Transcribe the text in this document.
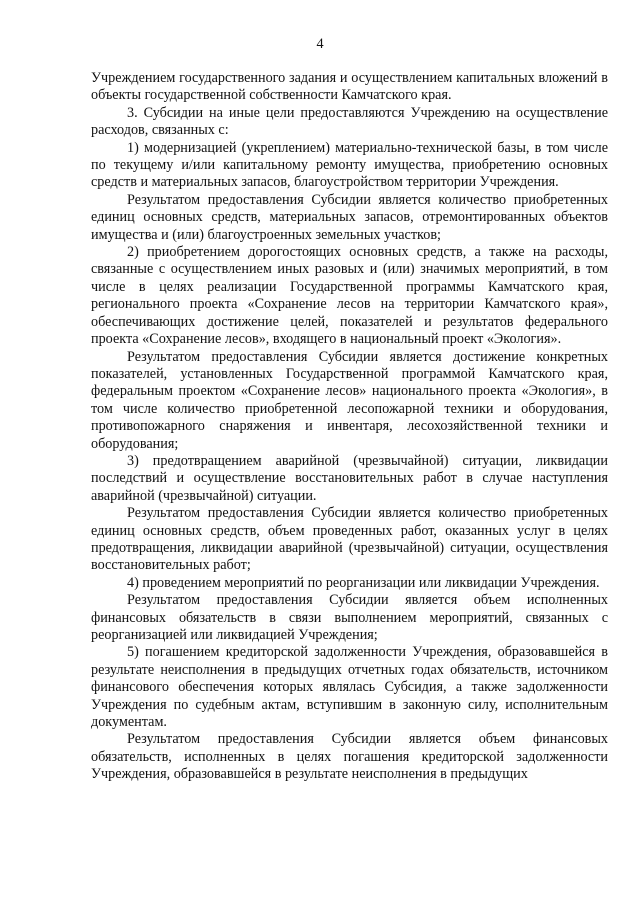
4

Учреждением государственного задания и осуществлением капитальных вложений в объекты государственной собственности Камчатского края.

3. Субсидии на иные цели предоставляются Учреждению на осуществление расходов, связанных с:

1) модернизацией (укреплением) материально-технической базы, в том числе по текущему и/или капитальному ремонту имущества, приобретению основных средств и материальных запасов, благоустройством территории Учреждения.

Результатом предоставления Субсидии является количество приобретенных единиц основных средств, материальных запасов, отремонтированных объектов имущества и (или) благоустроенных земельных участков;

2) приобретением дорогостоящих основных средств, а также на расходы, связанные с осуществлением иных разовых и (или) значимых мероприятий, в том числе в целях реализации Государственной программы Камчатского края, регионального проекта «Сохранение лесов на территории Камчатского края», обеспечивающих достижение целей, показателей и результатов федерального проекта «Сохранение лесов», входящего в национальный проект «Экология».

Результатом предоставления Субсидии является достижение конкретных показателей, установленных Государственной программой Камчатского края, федеральным проектом «Сохранение лесов» национального проекта «Экология», в том числе количество приобретенной лесопожарной техники и оборудования, противопожарного снаряжения и инвентаря, лесохозяйственной техники и оборудования;

3) предотвращением аварийной (чрезвычайной) ситуации, ликвидации последствий и осуществление восстановительных работ в случае наступления аварийной (чрезвычайной) ситуации.

Результатом предоставления Субсидии является количество приобретенных единиц основных средств, объем проведенных работ, оказанных услуг в целях предотвращения, ликвидации аварийной (чрезвычайной) ситуации, осуществления восстановительных работ;

4) проведением мероприятий по реорганизации или ликвидации Учреждения.

Результатом предоставления Субсидии является объем исполненных финансовых обязательств в связи выполнением мероприятий, связанных с реорганизацией или ликвидацией Учреждения;

5) погашением кредиторской задолженности Учреждения, образовавшейся в результате неисполнения в предыдущих отчетных годах обязательств, источником финансового обеспечения которых являлась Субсидия, а также задолженности Учреждения по судебным актам, вступившим в законную силу, исполнительным документам.

Результатом предоставления Субсидии является объем финансовых обязательств, исполненных в целях погашения кредиторской задолженности Учреждения, образовавшейся в результате неисполнения в предыдущих
